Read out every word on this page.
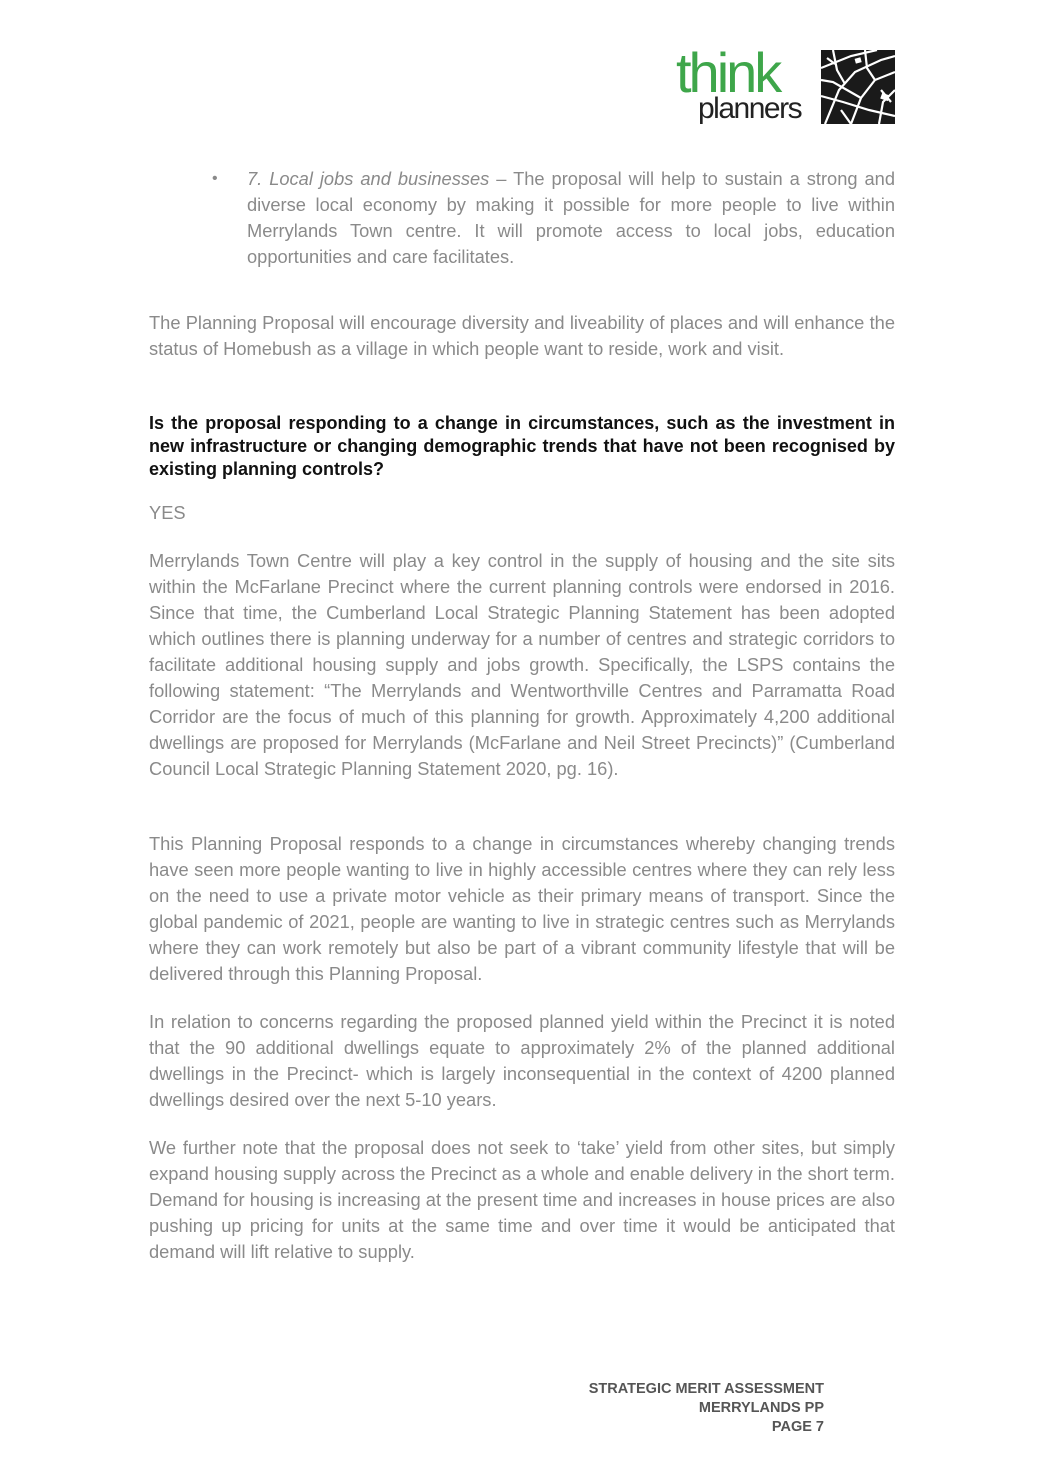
think
planners
• 7. Local jobs and businesses – The proposal will help to sustain a strong and diverse local economy by making it possible for more people to live within Merrylands Town centre. It will promote access to local jobs, education opportunities and care facilitates.

The Planning Proposal will encourage diversity and liveability of places and will enhance the status of Homebush as a village in which people want to reside, work and visit.

Is the proposal responding to a change in circumstances, such as the investment in new infrastructure or changing demographic trends that have not been recognised by existing planning controls?

YES

Merrylands Town Centre will play a key control in the supply of housing and the site sits within the McFarlane Precinct where the current planning controls were endorsed in 2016. Since that time, the Cumberland Local Strategic Planning Statement has been adopted which outlines there is planning underway for a number of centres and strategic corridors to facilitate additional housing supply and jobs growth. Specifically, the LSPS contains the following statement: “The Merrylands and Wentworthville Centres and Parramatta Road Corridor are the focus of much of this planning for growth. Approximately 4,200 additional dwellings are proposed for Merrylands (McFarlane and Neil Street Precincts)” (Cumberland Council Local Strategic Planning Statement 2020, pg. 16).

This Planning Proposal responds to a change in circumstances whereby changing trends have seen more people wanting to live in highly accessible centres where they can rely less on the need to use a private motor vehicle as their primary means of transport. Since the global pandemic of 2021, people are wanting to live in strategic centres such as Merrylands where they can work remotely but also be part of a vibrant community lifestyle that will be delivered through this Planning Proposal.

In relation to concerns regarding the proposed planned yield within the Precinct it is noted that the 90 additional dwellings equate to approximately 2% of the planned additional dwellings in the Precinct- which is largely inconsequential in the context of 4200 planned dwellings desired over the next 5-10 years.

We further note that the proposal does not seek to ‘take’ yield from other sites, but simply expand housing supply across the Precinct as a whole and enable delivery in the short term. Demand for housing is increasing at the present time and increases in house prices are also pushing up pricing for units at the same time and over time it would be anticipated that demand will lift relative to supply.

STRATEGIC MERIT ASSESSMENT
MERRYLANDS PP
PAGE 7
